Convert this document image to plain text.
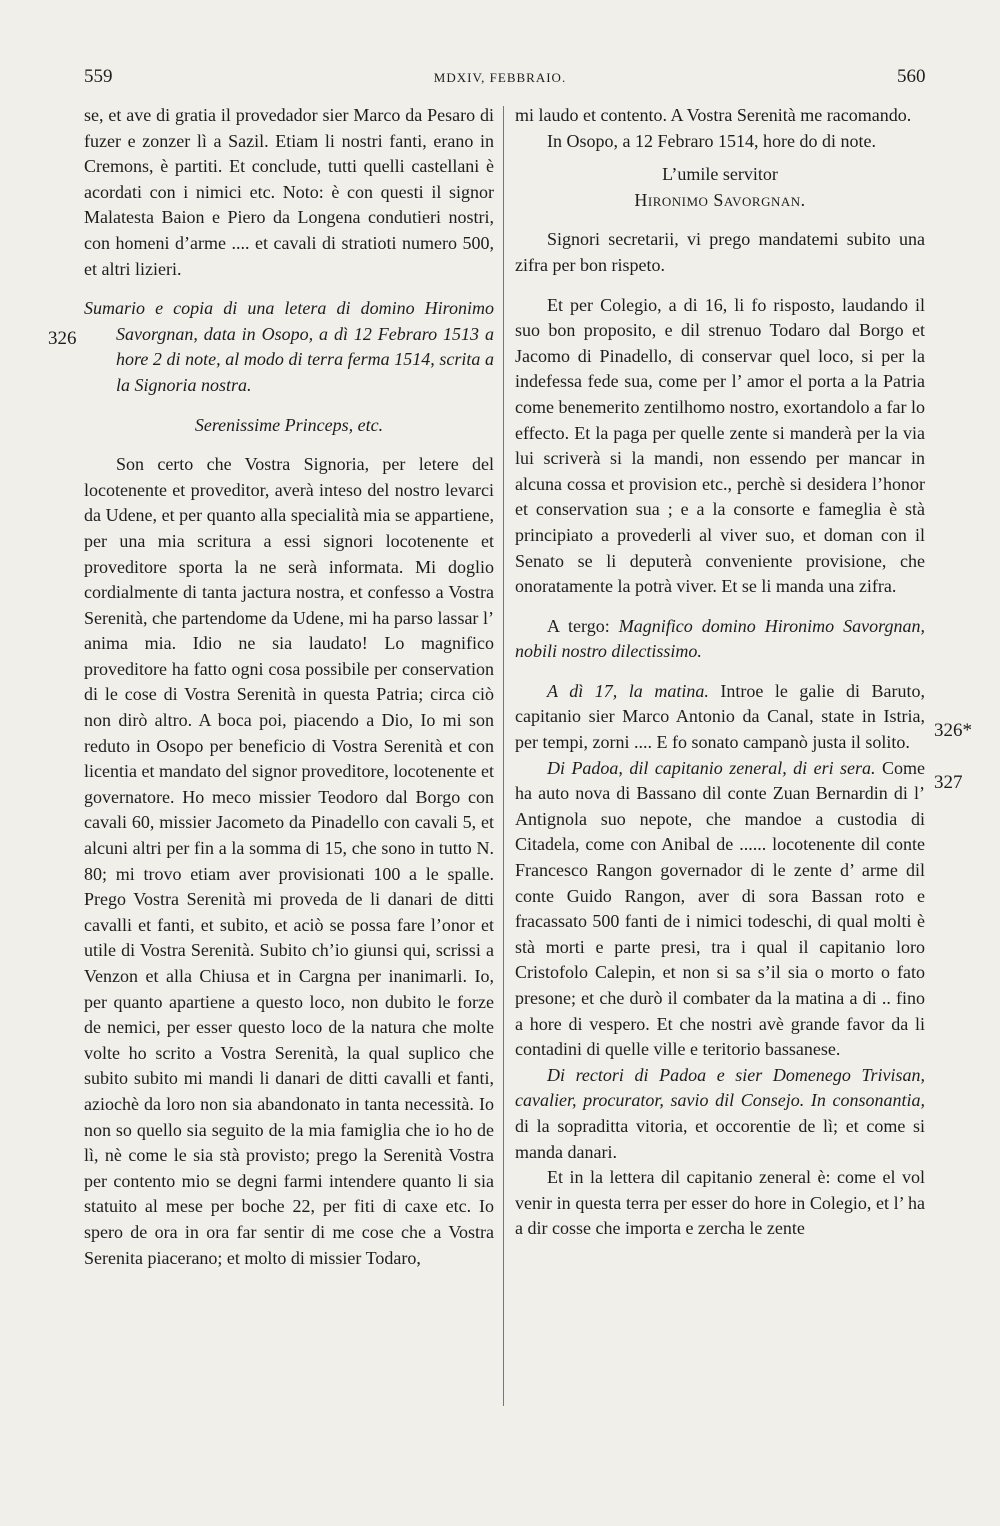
559	MDXIV, FEBBRAIO.	560
326
326*
327

se, et ave di gratia il provedador sier Marco da Pesaro di fuzer e zonzer lì a Sazil. Etiam li nostri fanti, erano in Cremons, è partiti. Et conclude, tutti quelli castellani è acordati con i nimici etc. Noto: è con questi il signor Malatesta Baion e Piero da Longena condutieri nostri, con homeni d’arme .... et cavali di stratioti numero 500, et altri lizieri.

Sumario e copia di una letera di domino Hironimo Savorgnan, data in Osopo, a dì 12 Febraro 1513 a hore 2 di note, al modo di terra ferma 1514, scrita a la Signoria nostra.

Serenissime Princeps, etc.

Son certo che Vostra Signoria, per letere del locotenente et proveditor, averà inteso del nostro levarci da Udene, et per quanto alla specialità mia se appartiene, per una mia scritura a essi signori locotenente et proveditore sporta la ne serà informata. Mi doglio cordialmente di tanta jactura nostra, et confesso a Vostra Serenità, che partendome da Udene, mi ha parso lassar l’ anima mia. Idio ne sia laudato! Lo magnifico proveditore ha fatto ogni cosa possibile per conservation di le cose di Vostra Serenità in questa Patria; circa ciò non dirò altro. A boca poi, piacendo a Dio, Io mi son reduto in Osopo per beneficio di Vostra Serenità et con licentia et mandato del signor proveditore, locotenente et governatore. Ho meco missier Teodoro dal Borgo con cavali 60, missier Jacometo da Pinadello con cavali 5, et alcuni altri per fin a la somma di 15, che sono in tutto N. 80; mi trovo etiam aver provisionati 100 a le spalle. Prego Vostra Serenità mi proveda de li danari de ditti cavalli et fanti, et subito, et aciò se possa fare l’onor et utile di Vostra Serenità. Subito ch’io giunsi qui, scrissi a Venzon et alla Chiusa et in Cargna per inanimarli. Io, per quanto apartiene a questo loco, non dubito le forze de nemici, per esser questo loco de la natura che molte volte ho scrito a Vostra Serenità, la qual suplico che subito subito mi mandi li danari de ditti cavalli et fanti, aziochè da loro non sia abandonato in tanta necessità. Io non so quello sia seguito de la mia famiglia che io ho de lì, nè come le sia stà provisto; prego la Serenità Vostra per contento mio se degni farmi intendere quanto li sia statuito al mese per boche 22, per fiti di caxe etc. Io spero de ora in ora far sentir di me cose che a Vostra Serenita piacerano; et molto di missier Todaro,

mi laudo et contento. A Vostra Serenità me racomando.

In Osopo, a 12 Febraro 1514, hore do di note.

L’umile servitor

Hironimo Savorgnan.

Signori secretarii, vi prego mandatemi subito una zifra per bon rispeto.

Et per Colegio, a di 16, li fo risposto, laudando il suo bon proposito, e dil strenuo Todaro dal Borgo et Jacomo di Pinadello, di conservar quel loco, si per la indefessa fede sua, come per l’ amor el porta a la Patria come benemerito zentilhomo nostro, exortandolo a far lo effecto. Et la paga per quelle zente si manderà per la via lui scriverà si la mandi, non essendo per mancar in alcuna cossa et provision etc., perchè si desidera l’honor et conservation sua ; e a la consorte e fameglia è stà principiato a provederli al viver suo, et doman con il Senato se li deputerà conveniente provisione, che onoratamente la potrà viver. Et se li manda una zifra.

A tergo: Magnifico domino Hironimo Savorgnan, nobili nostro dilectissimo.

A dì 17, la matina. Introe le galie di Baruto, capitanio sier Marco Antonio da Canal, state in Istria, per tempi, zorni .... E fo sonato campanò justa il solito.

Di Padoa, dil capitanio zeneral, di eri sera. Come ha auto nova di Bassano dil conte Zuan Bernardin di l’ Antignola suo nepote, che mandoe a custodia di Citadela, come con Anibal de ...... locotenente dil conte Francesco Rangon governador di le zente d’ arme dil conte Guido Rangon, aver di sora Bassan roto e fracassato 500 fanti de i nimici todeschi, di qual molti è stà morti e parte presi, tra i qual il capitanio loro Cristofolo Calepin, et non si sa s’il sia o morto o fato presone; et che durò il combater da la matina a di .. fino a hore di vespero. Et che nostri avè grande favor da li contadini di quelle ville e teritorio bassanese.

Di rectori di Padoa e sier Domenego Trivisan, cavalier, procurator, savio dil Consejo. In consonantia, di la sopraditta vitoria, et occorentie de lì; et come si manda danari.

Et in la lettera dil capitanio zeneral è: come el vol venir in questa terra per esser do hore in Colegio, et l’ ha a dir cosse che importa e zercha le zente
